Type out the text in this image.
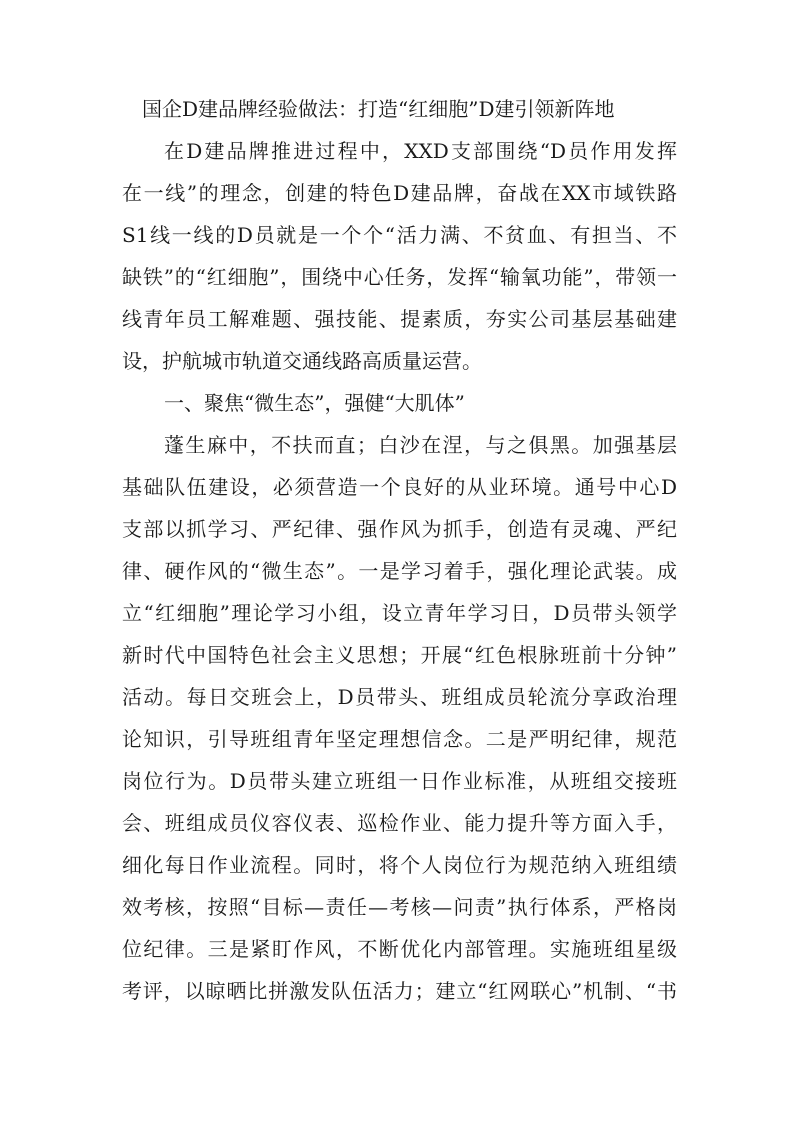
国企D建品牌经验做法：打造“红细胞”D建引领新阵地
在D建品牌推进过程中，XXD支部围绕“D员作用发挥
在一线”的理念，创建的特色D建品牌，奋战在XX市域铁路
S1线一线的D员就是一个个“活力满、不贫血、有担当、不
缺铁”的“红细胞”，围绕中心任务，发挥“输氧功能”，带领一
线青年员工解难题、强技能、提素质，夯实公司基层基础建
设，护航城市轨道交通线路高质量运营。
一、聚焦“微生态”，强健“大肌体”
蓬生麻中，不扶而直；白沙在涅，与之俱黑。加强基层
基础队伍建设，必须营造一个良好的从业环境。通号中心D
支部以抓学习、严纪律、强作风为抓手，创造有灵魂、严纪
律、硬作风的“微生态”。一是学习着手，强化理论武装。成
立“红细胞”理论学习小组，设立青年学习日，D员带头领学
新时代中国特色社会主义思想；开展“红色根脉班前十分钟”
活动。每日交班会上，D员带头、班组成员轮流分享政治理
论知识，引导班组青年坚定理想信念。二是严明纪律，规范
岗位行为。D员带头建立班组一日作业标准，从班组交接班
会、班组成员仪容仪表、巡检作业、能力提升等方面入手，
细化每日作业流程。同时，将个人岗位行为规范纳入班组绩
效考核，按照“目标—责任—考核—问责”执行体系，严格岗
位纪律。三是紧盯作风，不断优化内部管理。实施班组星级
考评，以晾晒比拼激发队伍活力；建立“红网联心”机制、“书
